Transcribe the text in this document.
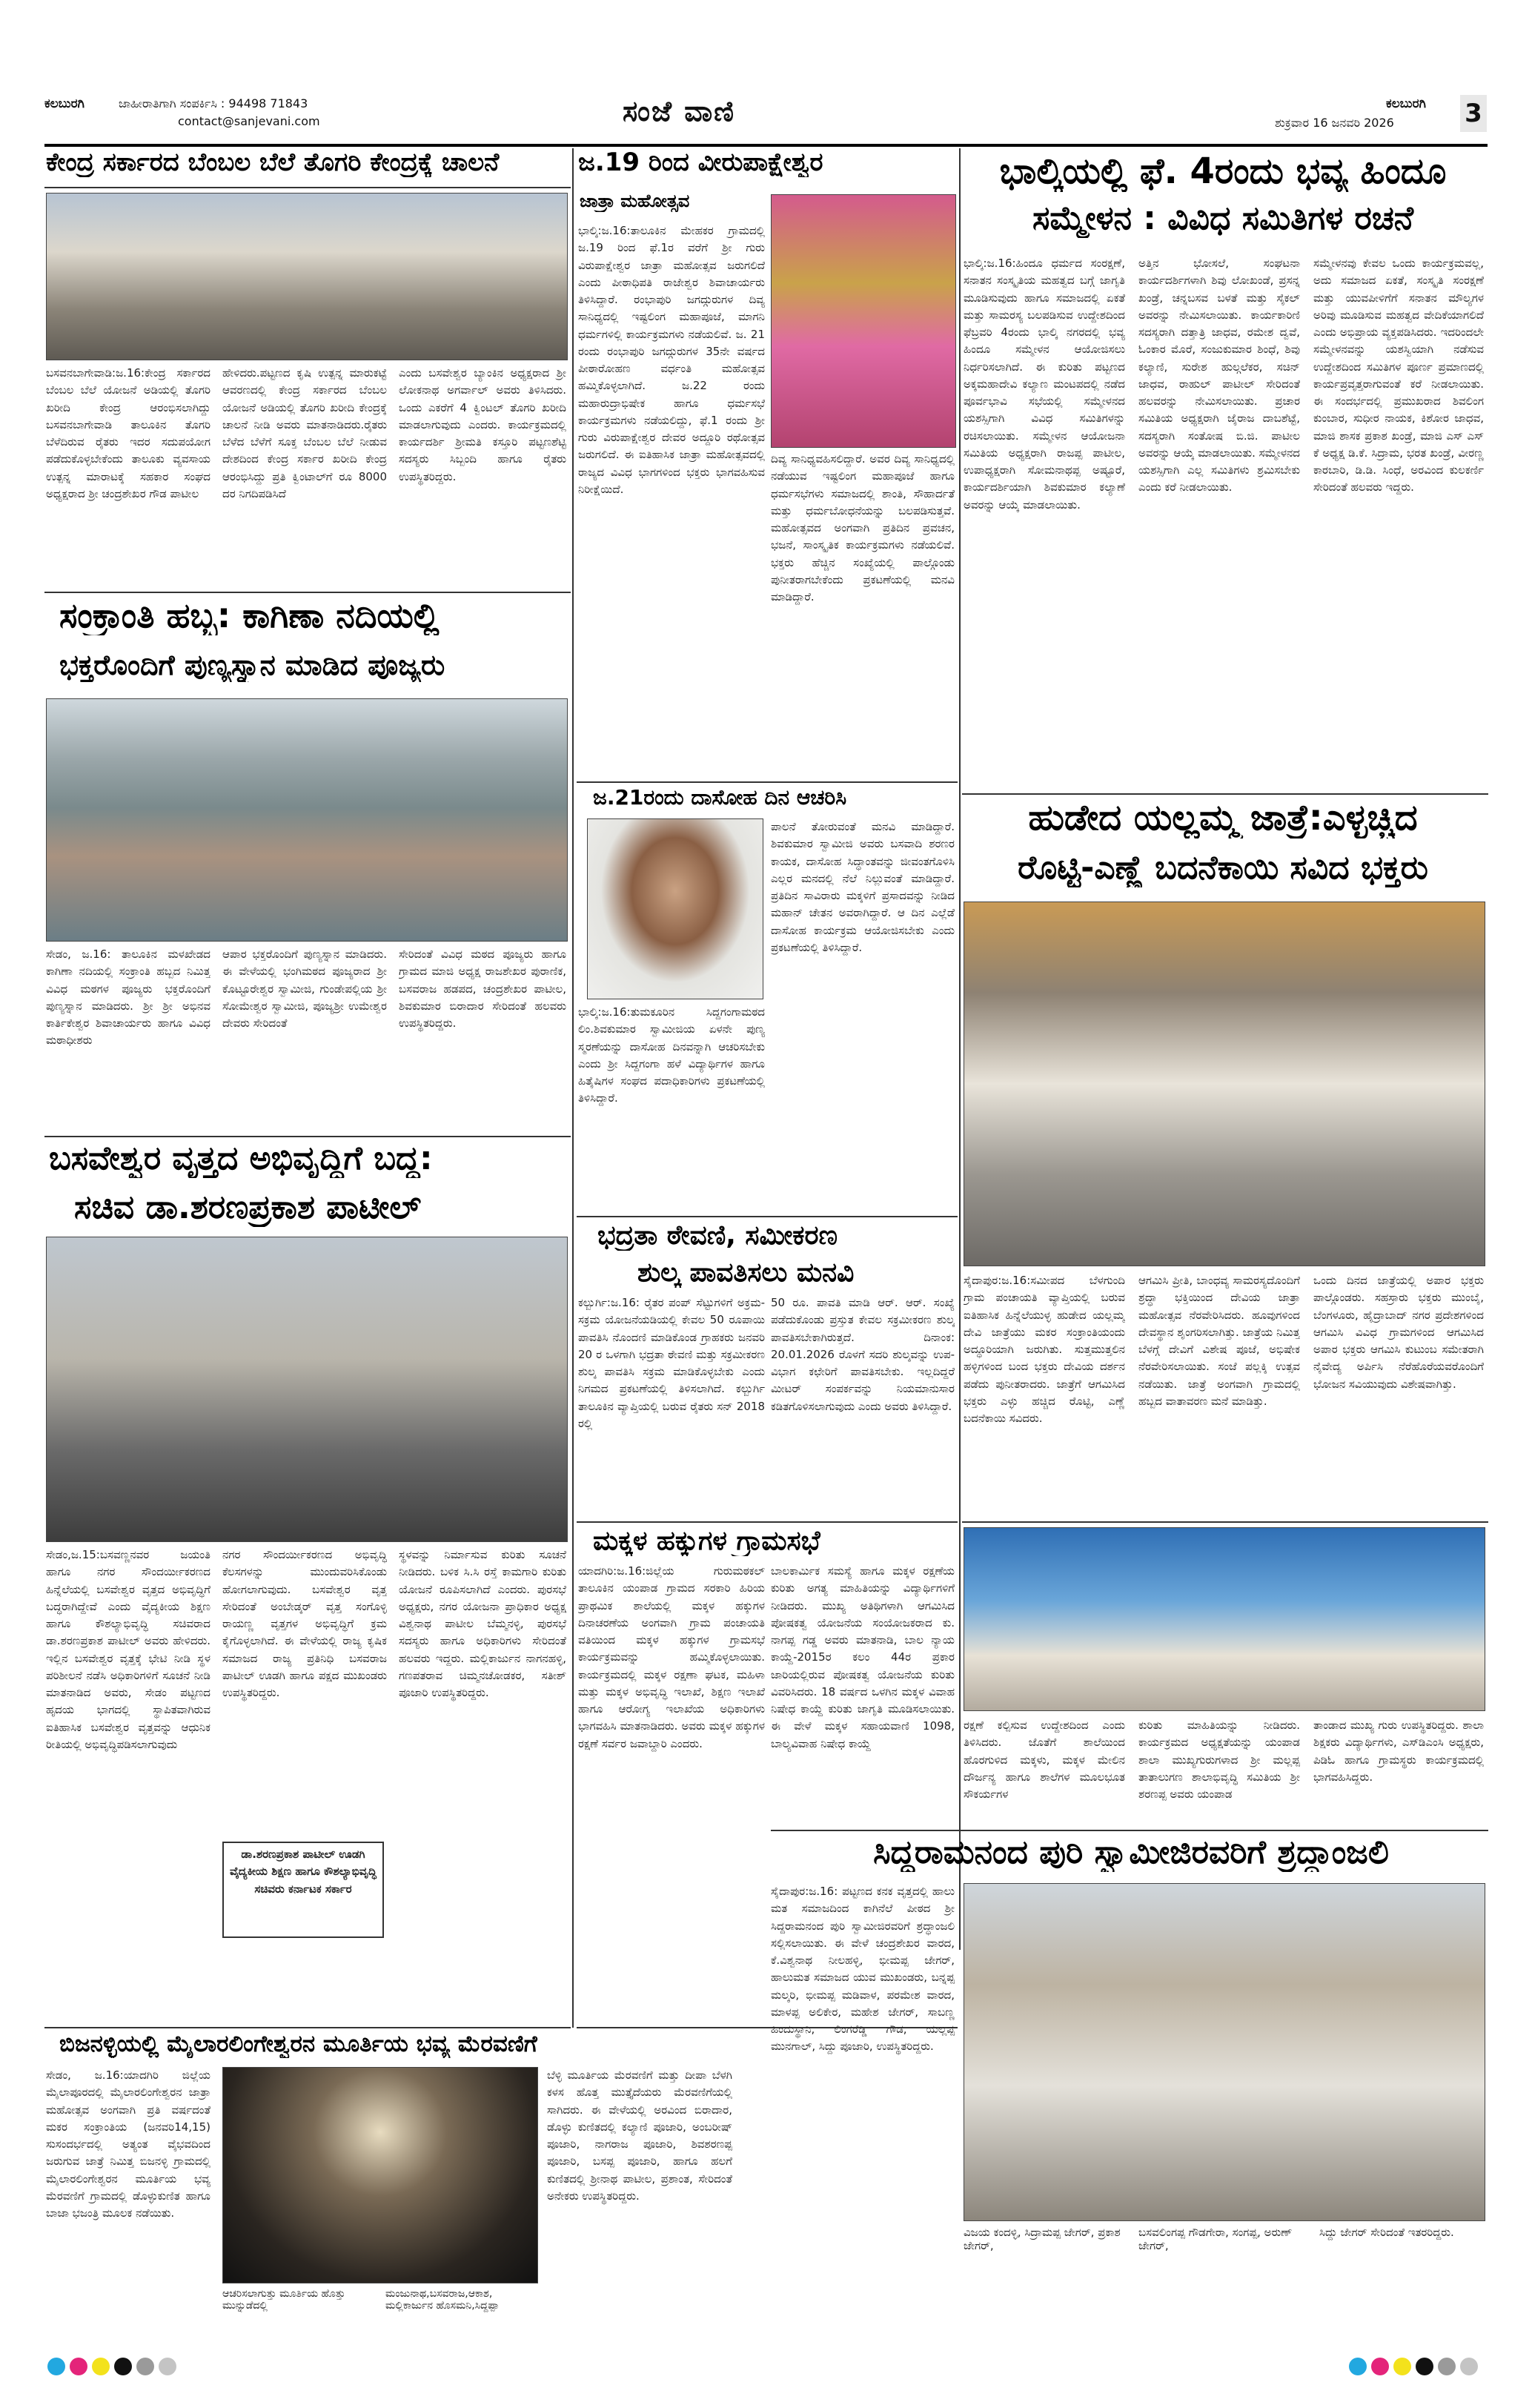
ಕಲಬುರಗಿ	ಜಾಹೀರಾತಿಗಾಗಿ ಸಂಪರ್ಕಿಸಿ : 94498 71843
contact@sanjevani.com	ಸಂಜೆ ವಾಣಿ	ಕಲಬುರಗಿ
ಶುಕ್ರವಾರ 16 ಜನವರಿ 2026	3
ಕೇಂದ್ರ ಸರ್ಕಾರದ ಬೆಂಬಲ ಬೆಲೆ ತೊಗರಿ ಕೇಂದ್ರಕ್ಕೆ ಚಾಲನೆ
ಬಸವನಬಾಗೇವಾಡಿ:ಜ.16:ಕೇಂದ್ರ ಸರ್ಕಾರದ ಬೆಂಬಲ ಬೆಲೆ ಯೋಜನೆ ಅಡಿಯಲ್ಲಿ ತೊಗರಿ ಖರೀದಿ ಕೇಂದ್ರ ಆರಂಭಿಸಲಾಗಿದ್ದು ಬಸವನಬಾಗೇವಾಡಿ ತಾಲೂಕಿನ ತೊಗರಿ ಬೆಳೆದಿರುವ ರೈತರು ಇದರ ಸದುಪಯೋಗ ಪಡೆದುಕೊಳ್ಳಬೇಕೆಂದು ತಾಲೂಕು ವ್ಯವಸಾಯ ಉತ್ಪನ್ನ ಮಾರಾಟಕ್ಕೆ ಸಹಕಾರ ಸಂಘದ ಅಧ್ಯಕ್ಷರಾದ ಶ್ರೀ ಚಂದ್ರಶೇಖರ ಗೌಡ ಪಾಟೀಲ
ಹೇಳಿದರು.ಪಟ್ಟಣದ ಕೃಷಿ ಉತ್ಪನ್ನ ಮಾರುಕಟ್ಟೆ ಆವರಣದಲ್ಲಿ ಕೇಂದ್ರ ಸರ್ಕಾರದ ಬೆಂಬಲ ಯೋಜನೆ ಅಡಿಯಲ್ಲಿ ತೊಗರಿ ಖರೀದಿ ಕೇಂದ್ರಕ್ಕೆ ಚಾಲನೆ ನೀಡಿ ಅವರು ಮಾತನಾಡಿದರು.ರೈತರು ಬೆಳೆದ ಬೆಳೆಗೆ ಸೂಕ್ತ ಬೆಂಬಲ ಬೆಲೆ ನೀಡುವ ದೇಶದಿಂದ ಕೇಂದ್ರ ಸರ್ಕಾರ ಖರೀದಿ ಕೇಂದ್ರ ಆರಂಭಿಸಿದ್ದು ಪ್ರತಿ ಕ್ವಿಂಟಾಲ್‍ಗೆ ರೂ 8000 ದರ ನಿಗದಿಪಡಿಸಿದೆ
ಎಂದು ಬಸವೇಶ್ವರ ಬ್ಯಾಂಕಿನ ಅಧ್ಯಕ್ಷರಾದ ಶ್ರೀ ಲೋಕನಾಥ ಅಗರ್ವಾಲ್ ಅವರು ತಿಳಿಸಿದರು. ಒಂದು ಎಕರೆಗೆ 4 ಕ್ವಿಂಟಲ್ ತೊಗರಿ ಖರೀದಿ ಮಾಡಲಾಗುವುದು ಎಂದರು. ಕಾರ್ಯಕ್ರಮದಲ್ಲಿ ಕಾರ್ಯದರ್ಶಿ ಶ್ರೀಮತಿ ಕಸ್ತೂರಿ ಪಟ್ಟಣಶೆಟ್ಟಿ ಸದಸ್ಯರು ಸಿಬ್ಬಂದಿ ಹಾಗೂ ರೈತರು ಉಪಸ್ಥಿತರಿದ್ದರು.
ಸಂಕ್ರಾಂತಿ ಹಬ್ಬ: ಕಾಗಿಣಾ ನದಿಯಲ್ಲಿ
ಭಕ್ತರೊಂದಿಗೆ ಪುಣ್ಯಸ್ನಾನ ಮಾಡಿದ ಪೂಜ್ಯರು
ಸೇಡಂ, ಜ.16: ತಾಲೂಕಿನ ಮಳಖೇಡದ ಕಾಗಿಣಾ ನದಿಯಲ್ಲಿ ಸಂಕ್ರಾಂತಿ ಹಬ್ಬದ ನಿಮಿತ್ತ ವಿವಿಧ ಮಠಗಳ ಪೂಜ್ಯರು ಭಕ್ತರೊಂದಿಗೆ ಪುಣ್ಯಸ್ನಾನ ಮಾಡಿದರು. ಶ್ರೀ ಶ್ರೀ ಅಭಿನವ ಕಾರ್ತಿಕೇಶ್ವರ ಶಿವಾಚಾರ್ಯರು ಹಾಗೂ ವಿವಿಧ ಮಠಾಧೀಶರು
ಆಪಾರ ಭಕ್ತರೊಂದಿಗೆ ಪುಣ್ಯಸ್ನಾನ ಮಾಡಿದರು. ಈ ವೇಳೆಯಲ್ಲಿ ಭಂಗಿಮಠದ ಪೂಜ್ಯರಾದ ಶ್ರೀ ಕೊಟ್ಟೂರೇಶ್ವರ ಸ್ವಾಮೀಜಿ, ಗುಂಡೇಪಲ್ಲಿಯ ಶ್ರೀ ಸೋಮೇಶ್ವರ ಸ್ವಾಮೀಜಿ, ಪೂಜ್ಯಶ್ರೀ ಉಮೇಶ್ವರ ದೇವರು ಸೇರಿದಂತೆ
ಸೇರಿದಂತೆ ವಿವಿಧ ಮಠದ ಪೂಜ್ಯರು ಹಾಗೂ ಗ್ರಾಮದ ಮಾಜಿ ಅಧ್ಯಕ್ಷ ರಾಜಶೇಖರ ಪುರಾಣಿಕ, ಬಸವರಾಜ ಹಡಪದ, ಚಂದ್ರಶೇಖರ ಪಾಟೀಲ, ಶಿವಕುಮಾರ ಬಿರಾದಾರ ಸೇರಿದಂತೆ ಹಲವರು ಉಪಸ್ಥಿತರಿದ್ದರು.
ಬಸವೇಶ್ವರ ವೃತ್ತದ ಅಭಿವೃದ್ಧಿಗೆ ಬದ್ಧ:
ಸಚಿವ ಡಾ.ಶರಣಪ್ರಕಾಶ ಪಾಟೀಲ್
ಸೇಡಂ,ಜ.15:ಬಸವಣ್ಣನವರ ಜಯಂತಿ ಹಾಗೂ ನಗರ ಸೌಂದರ್ಯೀಕರಣದ ಹಿನ್ನೆಲೆಯಲ್ಲಿ ಬಸವೇಶ್ವರ ವೃತ್ತದ ಅಭಿವೃದ್ಧಿಗೆ ಬದ್ಧರಾಗಿದ್ದೇವೆ ಎಂದು ವೈದ್ಯಕೀಯ ಶಿಕ್ಷಣ ಹಾಗೂ ಕೌಶಲ್ಯಾಭಿವೃದ್ಧಿ ಸಚಿವರಾದ ಡಾ.ಶರಣಪ್ರಕಾಶ ಪಾಟೀಲ್ ಅವರು ಹೇಳಿದರು. ಇಲ್ಲಿನ ಬಸವೇಶ್ವರ ವೃತ್ತಕ್ಕೆ ಭೇಟಿ ನೀಡಿ ಸ್ಥಳ ಪರಿಶೀಲನೆ ನಡೆಸಿ ಅಧಿಕಾರಿಗಳಿಗೆ ಸೂಚನೆ ನೀಡಿ ಮಾತನಾಡಿದ ಅವರು, ಸೇಡಂ ಪಟ್ಟಣದ ಹೃದಯ ಭಾಗದಲ್ಲಿ ಸ್ಥಾಪಿತವಾಗಿರುವ ಐತಿಹಾಸಿಕ ಬಸವೇಶ್ವರ ವೃತ್ತವನ್ನು ಆಧುನಿಕ ರೀತಿಯಲ್ಲಿ ಅಭಿವೃದ್ಧಿಪಡಿಸಲಾಗುವುದು
ನಗರ ಸೌಂದರ್ಯೀಕರಣದ ಅಭಿವೃದ್ಧಿ ಕೆಲಸಗಳನ್ನು ಮುಂದುವರಿಸಿಕೊಂಡು ಹೋಗಲಾಗುವುದು. ಬಸವೇಶ್ವರ ವೃತ್ತ ಸೇರಿದಂತೆ ಅಂಬೇಡ್ಕರ್ ವೃತ್ತ ಸಂಗೊಳ್ಳಿ ರಾಯಣ್ಣ ವೃತ್ತಗಳ ಅಭಿವೃದ್ಧಿಗೆ ಕ್ರಮ ಕೈಗೊಳ್ಳಲಾಗಿದೆ. ಈ ವೇಳೆಯಲ್ಲಿ ರಾಜ್ಯ ಕೃಷಿಕ ಸಮಾಜದ ರಾಜ್ಯ ಪ್ರತಿನಿಧಿ ಬಸವರಾಜ ಪಾಟೀಲ್ ಊಡಗಿ ಹಾಗೂ ಪಕ್ಷದ ಮುಖಂಡರು ಉಪಸ್ಥಿತರಿದ್ದರು.
ಡಾ.ಶರಣಪ್ರಕಾಶ ಪಾಟೀಲ್ ಊಡಗಿ ವೈದ್ಯಕೀಯ ಶಿಕ್ಷಣ ಹಾಗೂ ಕೌಶಲ್ಯಾಭಿವೃದ್ಧಿ ಸಚಿವರು ಕರ್ನಾಟಕ ಸರ್ಕಾರ
ಸ್ಥಳವನ್ನು ನಿರ್ಮಾಸುವ ಕುರಿತು ಸೂಚನೆ ನೀಡಿದರು. ಬಳಿಕ ಸಿ.ಸಿ ರಸ್ತೆ ಕಾಮಗಾರಿ ಕುರಿತು ಯೋಜನೆ ರೂಪಿಸಲಾಗಿದೆ ಎಂದರು. ಪುರಸಭೆ ಅಧ್ಯಕ್ಷರು, ನಗರ ಯೋಜನಾ ಪ್ರಾಧಿಕಾರ ಅಧ್ಯಕ್ಷ ವಿಶ್ವನಾಥ ಪಾಟೀಲ ಬೆಮ್ಮನಳ್ಳಿ, ಪುರಸಭೆ ಸದಸ್ಯರು ಹಾಗೂ ಅಧಿಕಾರಿಗಳು ಸೇರಿದಂತೆ ಹಲವರು ಇದ್ದರು. ಮಲ್ಲಿಕಾರ್ಜುನ ನಾಗನಹಳ್ಳಿ, ಗಣಪತರಾವ ಚಿಮ್ಮನಚೋಡಕರ, ಸತೀಶ್ ಪೂಜಾರಿ ಉಪಸ್ಥಿತರಿದ್ದರು.
ಬಿಜನಳ್ಳಿಯಲ್ಲಿ ಮೈಲಾರಲಿಂಗೇಶ್ವರನ ಮೂರ್ತಿಯ ಭವ್ಯ ಮೆರವಣಿಗೆ
ಸೇಡಂ, ಜ.16:ಯಾದಗಿರಿ ಜಿಲ್ಲೆಯ ಮೈಲಾಪೂರದಲ್ಲಿ ಮೈಲಾರಲಿಂಗೇಶ್ವರನ ಜಾತ್ರಾ ಮಹೋತ್ಸವ ಅಂಗವಾಗಿ ಪ್ರತಿ ವರ್ಷದಂತೆ ಮಕರ ಸಂಕ್ರಾಂತಿಯ (ಜನವರಿ14,15) ಸುಸಂದರ್ಭದಲ್ಲಿ ಅತ್ಯಂತ ವೈಭವದಿಂದ ಜರುಗುವ ಜಾತ್ರೆ ನಿಮಿತ್ತ ಬಿಜನಳ್ಳಿ ಗ್ರಾಮದಲ್ಲಿ ಮೈಲಾರಲಿಂಗೇಶ್ವರನ ಮೂರ್ತಿಯ ಭವ್ಯ ಮೆರವಣಿಗೆ ಗ್ರಾಮದಲ್ಲಿ ಡೊಳ್ಳುಕುಣಿತ ಹಾಗೂ ಬಾಜಾ ಭಜಂತ್ರಿ ಮೂಲಕ ನಡೆಯಿತು.
ಆಚರಿಸಲಾಗುತ್ತು ಮೂರ್ತಿಯ ಹೊತ್ತು ಮುನ್ನುಡೆದಲ್ಲಿ
ಮಂಜುನಾಥ,ಬಸವರಾಜ,ಆಕಾಶ, ಮಲ್ಲಿಕಾರ್ಜುನ ಹೊಸಮನಿ,ಸಿದ್ದಪ್ಪಾ
ಜ.19 ರಿಂದ ವೀರುಪಾಕ್ಷೇಶ್ವರ
ಜಾತ್ರಾ ಮಹೋತ್ಸವ
ಭಾಲ್ಕಿ:ಜ.16:ತಾಲೂಕಿನ ಮೇಹಕರ ಗ್ರಾಮದಲ್ಲಿ ಜ.19 ರಿಂದ ಫೆ.1ರ ವರೆಗೆ ಶ್ರೀ ಗುರು ವಿರುಪಾಕ್ಷೇಶ್ವರ ಜಾತ್ರಾ ಮಹೋತ್ಸವ ಜರುಗಲಿದೆ ಎಂದು ಪೀಠಾಧಿಪತಿ ರಾಜೇಶ್ವರ ಶಿವಾಚಾರ್ಯರು ತಿಳಿಸಿದ್ದಾರೆ. ರಂಭಾಪುರಿ ಜಗದ್ಗುರುಗಳ ದಿವ್ಯ ಸಾನಿಧ್ಯದಲ್ಲಿ ಇಷ್ಟಲಿಂಗ ಮಹಾಪೂಜೆ, ಮಾಗನಿ ಧರ್ಮಗಳಿಲ್ಲಿ ಕಾರ್ಯಕ್ರಮಗಳು ನಡೆಯಲಿವೆ. ಜ. 21 ರಂದು ರಂಭಾಪುರಿ ಜಗದ್ಗುರುಗಳ 35ನೇ ವರ್ಷದ ಪೀಠಾರೋಹಣ ವರ್ಧಂತಿ ಮಹೋತ್ಸವ ಹಮ್ಮಿಕೊಳ್ಳಲಾಗಿದೆ. ಜ.22 ರಂದು ಮಹಾರುದ್ರಾಭಿಷೇಕ ಹಾಗೂ ಧರ್ಮಸಭೆ ಕಾರ್ಯಕ್ರಮಗಳು ನಡೆಯಲಿದ್ದು, ಫೆ.1 ರಂದು ಶ್ರೀ ಗುರು ವಿರುಪಾಕ್ಷೇಶ್ವರ ದೇವರ ಅದ್ದೂರಿ ರಥೋತ್ಸವ ಜರುಗಲಿದೆ. ಈ ಐತಿಹಾಸಿಕ ಜಾತ್ರಾ ಮಹೋತ್ಸವದಲ್ಲಿ ರಾಜ್ಯದ ವಿವಿಧ ಭಾಗಗಳಿಂದ ಭಕ್ತರು ಭಾಗವಹಿಸುವ ನಿರೀಕ್ಷೆಯಿದೆ.
ದಿವ್ಯ ಸಾನಿಧ್ಯವಹಿಸಲಿದ್ದಾರೆ. ಅವರ ದಿವ್ಯ ಸಾನಿಧ್ಯದಲ್ಲಿ ನಡೆಯುವ ಇಷ್ಟಲಿಂಗ ಮಹಾಪೂಜೆ ಹಾಗೂ ಧರ್ಮಸಭೆಗಳು ಸಮಾಜದಲ್ಲಿ ಶಾಂತಿ, ಸೌಹಾರ್ದತೆ ಮತ್ತು ಧರ್ಮಬೋಧನೆಯನ್ನು ಬಲಪಡಿಸುತ್ತವೆ. ಮಹೋತ್ಸವದ ಅಂಗವಾಗಿ ಪ್ರತಿದಿನ ಪ್ರವಚನ, ಭಜನೆ, ಸಾಂಸ್ಕೃತಿಕ ಕಾರ್ಯಕ್ರಮಗಳು ನಡೆಯಲಿವೆ. ಭಕ್ತರು ಹೆಚ್ಚಿನ ಸಂಖ್ಯೆಯಲ್ಲಿ ಪಾಲ್ಗೊಂಡು ಪುನೀತರಾಗಬೇಕೆಂದು ಪ್ರಕಟಣೆಯಲ್ಲಿ ಮನವಿ ಮಾಡಿದ್ದಾರೆ.
ಜ.21ರಂದು ದಾಸೋಹ ದಿನ ಆಚರಿಸಿ
ಭಾಲ್ಕಿ:ಜ.16:ತುಮಕೂರಿನ ಸಿದ್ದಗಂಗಾಮಠದ ಲಿಂ.ಶಿವಕುಮಾರ ಸ್ವಾಮೀಜಿಯ ಏಳನೇ ಪುಣ್ಯ ಸ್ಮರಣೆಯನ್ನು ದಾಸೋಹ ದಿನವನ್ನಾಗಿ ಆಚರಿಸಬೇಕು ಎಂದು ಶ್ರೀ ಸಿದ್ದಗಂಗಾ ಹಳೆ ವಿದ್ಯಾರ್ಥಿಗಳ ಹಾಗೂ ಹಿತೈಷಿಗಳ ಸಂಘದ ಪದಾಧಿಕಾರಿಗಳು ಪ್ರಕಟಣೆಯಲ್ಲಿ ತಿಳಿಸಿದ್ದಾರೆ.
ಪಾಲನೆ ತೋರುವಂತೆ ಮನವಿ ಮಾಡಿದ್ದಾರೆ. ಶಿವಕುಮಾರ ಸ್ವಾಮೀಜಿ ಅವರು ಬಸವಾದಿ ಶರಣರ ಕಾಯಕ, ದಾಸೋಹ ಸಿದ್ಧಾಂತವನ್ನು ಜೀವಂತಗೊಳಿಸಿ ಎಲ್ಲರ ಮನದಲ್ಲಿ ನೆಲೆ ನಿಲ್ಲುವಂತೆ ಮಾಡಿದ್ದಾರೆ. ಪ್ರತಿದಿನ ಸಾವಿರಾರು ಮಕ್ಕಳಿಗೆ ಪ್ರಸಾದವನ್ನು ನೀಡಿದ ಮಹಾನ್ ಚೇತನ ಅವರಾಗಿದ್ದಾರೆ. ಆ ದಿನ ಎಲ್ಲೆಡೆ ದಾಸೋಹ ಕಾರ್ಯಕ್ರಮ ಆಯೋಜಿಸಬೇಕು ಎಂದು ಪ್ರಕಟಣೆಯಲ್ಲಿ ತಿಳಿಸಿದ್ದಾರೆ.
ಭದ್ರತಾ ಠೇವಣಿ, ಸಮೀಕರಣ
ಶುಲ್ಕ ಪಾವತಿಸಲು ಮನವಿ
ಕಲ್ಬುರ್ಗಿ:ಜ.16: ರೈತರ ಪಂಪ್ ಸೆಟ್ಟುಗಳಿಗೆ ಅಕ್ರಮ-ಸಕ್ರಮ ಯೋಜನೆಯಡಿಯಲ್ಲಿ ಕೇವಲ 50 ರೂಪಾಯಿ ಪಾವತಿಸಿ ನೊಂದಣಿ ಮಾಡಿಕೊಂಡ ಗ್ರಾಹಕರು ಜನವರಿ 20 ರ ಒಳಗಾಗಿ ಭದ್ರತಾ ಠೇವಣಿ ಮತ್ತು ಸಕ್ರಮೀಕರಣ ಶುಲ್ಕ ಪಾವತಿಸಿ ಸಕ್ರಮ ಮಾಡಿಕೊಳ್ಳಬೇಕು ಎಂದು ನಿಗಮದ ಪ್ರಕಟಣೆಯಲ್ಲಿ ತಿಳಿಸಲಾಗಿದೆ. ಕಲ್ಬುರ್ಗಿ ತಾಲೂಕಿನ ವ್ಯಾಪ್ತಿಯಲ್ಲಿ ಬರುವ ರೈತರು ಸನ್ 2018 ರಲ್ಲಿ
50 ರೂ. ಪಾವತಿ ಮಾಡಿ ಆರ್. ಆರ್. ಸಂಖ್ಯೆ ಪಡೆದುಕೊಂಡು ಪ್ರಸ್ತುತ ಕೇವಲ ಸಕ್ರಮೀಕರಣ ಶುಲ್ಕ ಪಾವತಿಸಬೇಕಾಗಿರುತ್ತದೆ. ದಿನಾಂಕ: 20.01.2026 ರೊಳಗೆ ಸದರಿ ಶುಲ್ಕವನ್ನು ಉಪ-ವಿಭಾಗ ಕಛೇರಿಗೆ ಪಾವತಿಸಬೇಕು. ಇಲ್ಲದಿದ್ದರೆ ಮೀಟರ್ ಸಂಪರ್ಕವನ್ನು ನಿಯಮಾನುಸಾರ ಕಡಿತಗೊಳಿಸಲಾಗುವುದು ಎಂದು ಅವರು ತಿಳಿಸಿದ್ದಾರೆ.
ಮಕ್ಕಳ ಹಕ್ಕುಗಳ ಗ್ರಾಮಸಭೆ
ಯಾದಗಿರಿ:ಜ.16:ಜಿಲ್ಲೆಯ ಗುರುಮಠಕಲ್ ತಾಲೂಕಿನ ಯಂಪಾಡ ಗ್ರಾಮದ ಸರಕಾರಿ ಹಿರಿಯ ಪ್ರಾಥಮಿಕ ಶಾಲೆಯಲ್ಲಿ ಮಕ್ಕಳ ಹಕ್ಕುಗಳ ದಿನಾಚರಣೆಯ ಅಂಗವಾಗಿ ಗ್ರಾಮ ಪಂಚಾಯತಿ ವತಿಯಿಂದ ಮಕ್ಕಳ ಹಕ್ಕುಗಳ ಗ್ರಾಮಸಭೆ ಕಾರ್ಯಕ್ರಮವನ್ನು ಹಮ್ಮಿಕೊಳ್ಳಲಾಯಿತು. ಕಾರ್ಯಕ್ರಮದಲ್ಲಿ ಮಕ್ಕಳ ರಕ್ಷಣಾ ಘಟಕ, ಮಹಿಳಾ ಮತ್ತು ಮಕ್ಕಳ ಅಭಿವೃದ್ಧಿ ಇಲಾಖೆ, ಶಿಕ್ಷಣ ಇಲಾಖೆ ಹಾಗೂ ಆರೋಗ್ಯ ಇಲಾಖೆಯ ಅಧಿಕಾರಿಗಳು ಭಾಗವಹಿಸಿ ಮಾತನಾಡಿದರು. ಅವರು ಮಕ್ಕಳ ಹಕ್ಕುಗಳ ರಕ್ಷಣೆ ಸರ್ವರ ಜವಾಬ್ದಾರಿ ಎಂದರು.
ಬಾಲಕಾರ್ಮಿಕ ಸಮಸ್ಯೆ ಹಾಗೂ ಮಕ್ಕಳ ರಕ್ಷಣೆಯ ಕುರಿತು ಅಗತ್ಯ ಮಾಹಿತಿಯನ್ನು ವಿದ್ಯಾರ್ಥಿಗಳಿಗೆ ನೀಡಿದರು. ಮುಖ್ಯ ಅತಿಥಿಗಳಾಗಿ ಆಗಮಿಸಿದ ಪೋಷಕತ್ವ ಯೋಜನೆಯ ಸಂಯೋಜಕರಾದ ಕು. ನಾಗಪ್ಪ ಗಡ್ಡ ಅವರು ಮಾತನಾಡಿ, ಬಾಲ ನ್ಯಾಯ ಕಾಯ್ದೆ-2015ರ ಕಲಂ 44ರ ಪ್ರಕಾರ ಜಾರಿಯಲ್ಲಿರುವ ಪೋಷಕತ್ವ ಯೋಜನೆಯ ಕುರಿತು ವಿವರಿಸಿದರು. 18 ವರ್ಷದ ಒಳಗಿನ ಮಕ್ಕಳ ವಿವಾಹ ನಿಷೇಧ ಕಾಯ್ದೆ ಕುರಿತು ಜಾಗೃತಿ ಮೂಡಿಸಲಾಯಿತು. ಈ ವೇಳೆ ಮಕ್ಕಳ ಸಹಾಯವಾಣಿ 1098, ಬಾಲ್ಯವಿವಾಹ ನಿಷೇಧ ಕಾಯ್ದೆ
ಬೆಳ್ಳಿ ಮೂರ್ತಿಯ ಮೆರವಣಿಗೆ ಮತ್ತು ದೀಪಾ ಬೆಳಗಿ ಕಳಸ ಹೊತ್ತ ಮುತ್ತೈದೆಯರು ಮೆರವಣಿಗೆಯಲ್ಲಿ ಸಾಗಿದರು. ಈ ವೇಳೆಯಲ್ಲಿ ಅರವಿಂದ ಬಿರಾದಾರ, ಡೊಳ್ಳು ಕುಣಿತದಲ್ಲಿ ಕಲ್ಯಾಣಿ ಪೂಜಾರಿ, ಅಂಬರೀಷ್ ಪೂಜಾರಿ, ನಾಗರಾಜ ಪೂಜಾರಿ, ಶಿವಶರಣಪ್ಪ ಪೂಜಾರಿ, ಬಸಪ್ಪ ಪೂಜಾರಿ, ಹಾಗೂ ಹಲಗೆ ಕುಣಿತದಲ್ಲಿ ಶ್ರೀನಾಥ ಪಾಟೀಲ, ಪ್ರಶಾಂತ, ಸೇರಿದಂತೆ ಅನೇಕರು ಉಪಸ್ಥಿತರಿದ್ದರು.
ಭಾಲ್ಕಿಯಲ್ಲಿ ಫೆ. 4ರಂದು ಭವ್ಯ ಹಿಂದೂ
ಸಮ್ಮೇಳನ : ವಿವಿಧ ಸಮಿತಿಗಳ ರಚನೆ
ಭಾಲ್ಕಿ:ಜ.16:ಹಿಂದೂ ಧರ್ಮದ ಸಂರಕ್ಷಣೆ, ಸನಾತನ ಸಂಸ್ಕೃತಿಯ ಮಹತ್ವದ ಬಗ್ಗೆ ಜಾಗೃತಿ ಮೂಡಿಸುವುದು ಹಾಗೂ ಸಮಾಜದಲ್ಲಿ ಏಕತೆ ಮತ್ತು ಸಾಮರಸ್ಯ ಬಲಪಡಿಸುವ ಉದ್ದೇಶದಿಂದ ಫೆಬ್ರವರಿ 4ರಂದು ಭಾಲ್ಕಿ ನಗರದಲ್ಲಿ ಭವ್ಯ ಹಿಂದೂ ಸಮ್ಮೇಳನ ಆಯೋಜಿಸಲು ನಿರ್ಧರಿಸಲಾಗಿದೆ. ಈ ಕುರಿತು ಪಟ್ಟಣದ ಅಕ್ಕಮಹಾದೇವಿ ಕಲ್ಯಾಣ ಮಂಟಪದಲ್ಲಿ ನಡೆದ ಪೂರ್ವಭಾವಿ ಸಭೆಯಲ್ಲಿ ಸಮ್ಮೇಳನದ ಯಶಸ್ಸಿಗಾಗಿ ವಿವಿಧ ಸಮಿತಿಗಳನ್ನು ರಚಿಸಲಾಯಿತು. ಸಮ್ಮೇಳನ ಆಯೋಜನಾ ಸಮಿತಿಯ ಅಧ್ಯಕ್ಷರಾಗಿ ರಾಜಪ್ಪ ಪಾಟೀಲ, ಉಪಾಧ್ಯಕ್ಷರಾಗಿ ಸೋಮನಾಥಪ್ಪ ಅಷ್ಟೂರೆ, ಕಾರ್ಯದರ್ಶಿಯಾಗಿ ಶಿವಕುಮಾರ ಕಲ್ಯಾಣೆ ಅವರನ್ನು ಆಯ್ಕೆ ಮಾಡಲಾಯಿತು.
ಅತ್ತಿನ ಭೋಸಲೆ, ಸಂಘಟನಾ ಕಾರ್ಯದರ್ಶಿಗಳಾಗಿ ಶಿವು ಲೋಖಂಡೆ, ಪ್ರಸನ್ನ ಖಂಡ್ರೆ, ಚನ್ನಬಸವ ಬಳತೆ ಮತ್ತು ಸೈಕಲ್ ಅವರನ್ನು ನೇಮಿಸಲಾಯಿತು. ಕಾರ್ಯಕಾರಿಣಿ ಸದಸ್ಯರಾಗಿ ದತ್ತಾತ್ರಿ ಜಾಧವ, ರಮೇಶ ದ್ವವೆ, ಓಂಕಾರ ಮೊರೆ, ಸಂಜುಕುಮಾರ ಶಿಂಧೆ, ಶಿವು ಕಲ್ಯಾಣಿ, ಸುರೇಶ ಹುಲ್ಗಲೆಕರ, ಸಚಿನ್ ಜಾಧವ, ರಾಹುಲ್ ಪಾಟೀಲ್ ಸೇರಿದಂತೆ ಹಲವರನ್ನು ನೇಮಿಸಲಾಯಿತು. ಪ್ರಚಾರ ಸಮಿತಿಯ ಅಧ್ಯಕ್ಷರಾಗಿ ಜೈರಾಜ ದಾಬಶೆಟ್ಟೆ, ಸದಸ್ಯರಾಗಿ ಸಂತೋಷ ಬಿ.ಜಿ. ಪಾಟೀಲ ಅವರನ್ನು ಆಯ್ಕೆ ಮಾಡಲಾಯಿತು. ಸಮ್ಮೇಳನದ ಯಶಸ್ಸಿಗಾಗಿ ಎಲ್ಲ ಸಮಿತಿಗಳು ಶ್ರಮಿಸಬೇಕು ಎಂದು ಕರೆ ನೀಡಲಾಯಿತು.
ಸಮ್ಮೇಳನವು ಕೇವಲ ಒಂದು ಕಾರ್ಯಕ್ರಮವಲ್ಲ, ಅದು ಸಮಾಜದ ಏಕತೆ, ಸಂಸ್ಕೃತಿ ಸಂರಕ್ಷಣೆ ಮತ್ತು ಯುವಪೀಳಿಗೆಗೆ ಸನಾತನ ಮೌಲ್ಯಗಳ ಅರಿವು ಮೂಡಿಸುವ ಮಹತ್ವದ ವೇದಿಕೆಯಾಗಲಿದೆ ಎಂದು ಅಭಿಪ್ರಾಯ ವ್ಯಕ್ತಪಡಿಸಿದರು. ಇದರಿಂದಲೇ ಸಮ್ಮೇಳನವನ್ನು ಯಶಸ್ವಿಯಾಗಿ ನಡೆಸುವ ಉದ್ದೇಶದಿಂದ ಸಮಿತಿಗಳ ಪೂರ್ಣ ಪ್ರಮಾಣದಲ್ಲಿ ಕಾರ್ಯಪ್ರವೃತ್ತರಾಗುವಂತೆ ಕರೆ ನೀಡಲಾಯಿತು. ಈ ಸಂದರ್ಭದಲ್ಲಿ ಪ್ರಮುಖರಾದ ಶಿವಲಿಂಗ ಕುಂಬಾರ, ಸುಧೀರ ನಾಯಕ, ಕಿಶೋರ ಜಾಧವ, ಮಾಜಿ ಶಾಸಕ ಪ್ರಕಾಶ ಖಂಡ್ರೆ, ಮಾಜಿ ಎಸ್ ಎಸ್ ಕೆ ಅಧ್ಯಕ್ಷ ಡಿ.ಕೆ. ಸಿದ್ರಾಮ, ಭರತ ಖಂಡ್ರೆ, ವೀರಣ್ಣ ಕಾರಬಾರಿ, ಡಿ.ಡಿ. ಸಿಂಧೆ, ಅರವಿಂದ ಕುಲಕರ್ಣಿ ಸೇರಿದಂತೆ ಹಲವರು ಇದ್ದರು.
ಹುಡೇದ ಯಲ್ಲಮ್ಮ ಜಾತ್ರೆ:ಎಳ್ಳಚ್ಚಿದ
ರೊಟ್ಟಿ-ಎಣ್ಣೆ ಬದನೆಕಾಯಿ ಸವಿದ ಭಕ್ತರು
ಸೈದಾಪುರ:ಜ.16:ಸಮೀಪದ ಬೆಳಗುಂದಿ ಗ್ರಾಮ ಪಂಚಾಯತಿ ವ್ಯಾಪ್ತಿಯಲ್ಲಿ ಬರುವ ಐತಿಹಾಸಿಕ ಹಿನ್ನೆಲೆಯುಳ್ಳ ಹುಡೇದ ಯಲ್ಲಮ್ಮ ದೇವಿ ಜಾತ್ರೆಯು ಮಕರ ಸಂಕ್ರಾಂತಿಯಂದು ಅದ್ಧೂರಿಯಾಗಿ ಜರುಗಿತು. ಸುತ್ತಮುತ್ತಲಿನ ಹಳ್ಳಿಗಳಿಂದ ಬಂದ ಭಕ್ತರು ದೇವಿಯ ದರ್ಶನ ಪಡೆದು ಪುನೀತರಾದರು. ಜಾತ್ರೆಗೆ ಆಗಮಿಸಿದ ಭಕ್ತರು ಎಳ್ಳು ಹಚ್ಚಿದ ರೊಟ್ಟಿ, ಎಣ್ಣೆ ಬದನೆಕಾಯಿ ಸವಿದರು.
ಆಗಮಿಸಿ ಪ್ರೀತಿ, ಬಾಂಧವ್ಯ ಸಾಮರಸ್ಯದೊಂದಿಗೆ ಶ್ರದ್ಧಾ ಭಕ್ತಿಯಿಂದ ದೇವಿಯ ಜಾತ್ರಾ ಮಹೋತ್ಸವ ನೆರವೇರಿಸಿದರು. ಹೂವುಗಳಿಂದ ದೇವಸ್ಥಾನ ಶೃಂಗರಿಸಲಾಗಿತ್ತು. ಜಾತ್ರೆಯ ನಿಮಿತ್ತ ಬೆಳಗ್ಗೆ ದೇವಿಗೆ ವಿಶೇಷ ಪೂಜೆ, ಅಭಿಷೇಕ ನೆರವೇರಿಸಲಾಯಿತು. ಸಂಜೆ ಪಲ್ಲಕ್ಕಿ ಉತ್ಸವ ನಡೆಯಿತು. ಜಾತ್ರೆ ಅಂಗವಾಗಿ ಗ್ರಾಮದಲ್ಲಿ ಹಬ್ಬದ ವಾತಾವರಣ ಮನೆ ಮಾಡಿತ್ತು.
ಒಂದು ದಿನದ ಜಾತ್ರೆಯಲ್ಲಿ ಅಪಾರ ಭಕ್ತರು ಪಾಲ್ಗೊಂಡರು. ಸಹಸ್ರಾರು ಭಕ್ತರು ಮುಂಬೈ, ಬೆಂಗಳೂರು, ಹೈದ್ರಾಬಾದ್ ನಗರ ಪ್ರದೇಶಗಳಿಂದ ಆಗಮಿಸಿ ವಿವಿಧ ಗ್ರಾಮಗಳಿಂದ ಆಗಮಿಸಿದ ಅಪಾರ ಭಕ್ತರು ಆಗಮಿಸಿ ಕುಟುಂಬ ಸಮೇತರಾಗಿ ನೈವೇದ್ಯ ಅರ್ಪಿಸಿ ನೆರೆಹೊರೆಯವರೊಂದಿಗೆ ಭೋಜನ ಸವಿಯುವುದು ವಿಶೇಷವಾಗಿತ್ತು.
ರಕ್ಷಣೆ ಕಲ್ಪಿಸುವ ಉದ್ದೇಶದಿಂದ ಎಂದು ತಿಳಿಸಿದರು. ಜೊತೆಗೆ ಶಾಲೆಯಿಂದ ಹೊರಗುಳಿದ ಮಕ್ಕಳು, ಮಕ್ಕಳ ಮೇಲಿನ ದೌರ್ಜನ್ಯ ಹಾಗೂ ಶಾಲೆಗಳ ಮೂಲಭೂತ ಸೌಕರ್ಯಗಳ
ಕುರಿತು ಮಾಹಿತಿಯನ್ನು ನೀಡಿದರು. ಕಾರ್ಯಕ್ರಮದ ಅಧ್ಯಕ್ಷತೆಯನ್ನು ಯಂಪಾಡ ಶಾಲಾ ಮುಖ್ಯಗುರುಗಳಾದ ಶ್ರೀ ಮಲ್ಲಪ್ಪ ತಾತಾಲುಗಣ ಶಾಲಾಭಿವೃದ್ಧಿ ಸಮಿತಿಯ ಶ್ರೀ ಶರಣಪ್ಪ ಅವರು ಯಂಪಾಡ
ತಾಂಡಾದ ಮುಖ್ಯ ಗುರು ಉಪಸ್ಥಿತರಿದ್ದರು. ಶಾಲಾ ಶಿಕ್ಷಕರು ವಿದ್ಯಾರ್ಥಿಗಳು, ಎಸ್‍ಡಿಎಂಸಿ ಅಧ್ಯಕ್ಷರು, ಪಿಡಿಓ ಹಾಗೂ ಗ್ರಾಮಸ್ಥರು ಕಾರ್ಯಕ್ರಮದಲ್ಲಿ ಭಾಗವಹಿಸಿದ್ದರು.
ಸಿದ್ದರಾಮನಂದ ಪುರಿ ಸ್ವಾಮೀಜಿರವರಿಗೆ ಶ್ರದ್ಧಾಂಜಲಿ
ಸೈದಾಪುರ:ಜ.16: ಪಟ್ಟಣದ ಕನಕ ವೃತ್ತದಲ್ಲಿ ಹಾಲು ಮತ ಸಮಾಜದಿಂದ ಕಾಗಿನೆಲೆ ಪೀಠದ ಶ್ರೀ ಸಿದ್ದರಾಮನಂದ ಪುರಿ ಸ್ವಾಮೀಜಿರವರಿಗೆ ಶ್ರದ್ಧಾಂಜಲಿ ಸಲ್ಲಿಸಲಾಯಿತು. ಈ ವೇಳೆ ಚಂದ್ರಶೇಖರ ವಾರದ, ಕೆ.ವಿಶ್ವನಾಥ ನೀಲಹಳ್ಳಿ, ಭೀಮಪ್ಪ ಜೇಗರ್, ಹಾಲುಮತ ಸಮಾಜದ ಯುವ ಮುಖಂಡರು, ಬನ್ನಪ್ಪ ಮಲ್ಕರಿ, ಭೀಮಪ್ಪ ಮಡಿವಾಳ, ಪರಮೇಶ ವಾರದ, ಮಾಳಪ್ಪ ಅಲಿಕೇರ, ಮಹೇಶ ಜೇಗರ್, ಸಾಬಣ್ಣ ಹಿಂದುಸ್ಥಾನಿ, ಲಿಂಗರೆಡ್ಡಿ ಗೌಡ, ಯಲ್ಲಪ್ಪ ಮುನಗಾಲ್, ಸಿದ್ದು ಪೂಜಾರಿ, ಉಪಸ್ಥಿತರಿದ್ದರು.
ವಿಜಯ ಕಂದಳ್ಳಿ, ಸಿದ್ರಾಮಪ್ಪ ಜೇಗರ್, ಪ್ರಕಾಶ ಜೇಗರ್,
ಬಸವಲಿಂಗಪ್ಪ ಗೌಡಗೇರಾ, ಸಂಗಪ್ಪ, ಅರುಣ್ ಜೇಗರ್,
ಸಿದ್ದು ಜೇಗರ್ ಸೇರಿದಂತೆ ಇತರರಿದ್ದರು.
